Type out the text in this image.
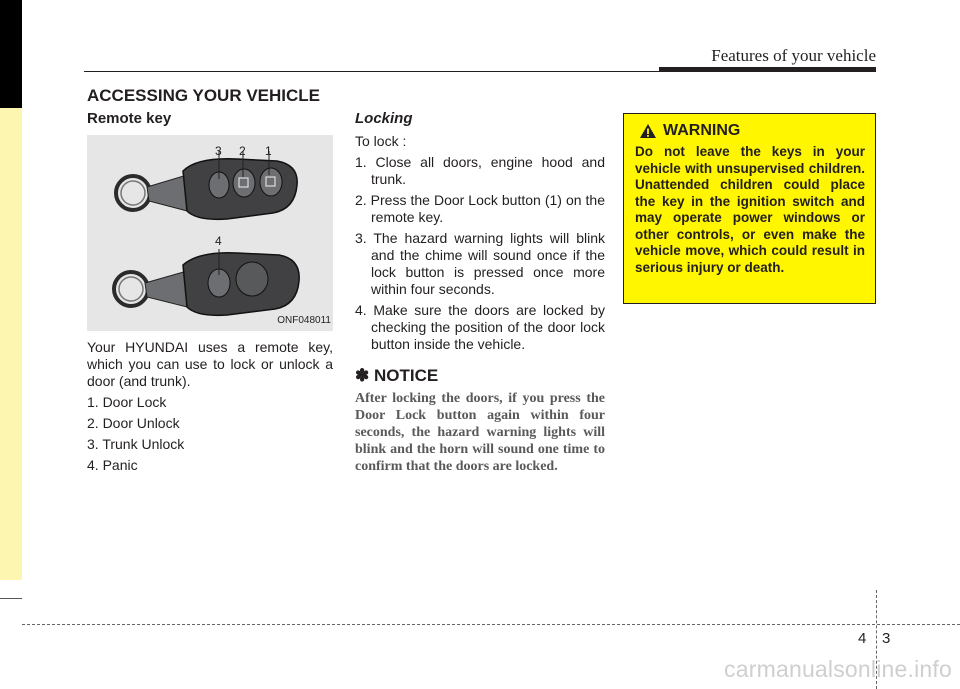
Features of your vehicle
ACCESSING YOUR VEHICLE
Remote key
3 2 1
4
ONF048011
Your HYUNDAI uses a remote key, which you can use to lock or unlock a door (and trunk).
1. Door Lock
2. Door Unlock
3. Trunk Unlock
4. Panic
Locking
To lock :
1. Close all doors, engine hood and trunk.
2. Press the Door Lock button (1) on the remote key.
3. The hazard warning lights will blink and the chime will sound once if the lock button is pressed once more within four seconds.
4. Make sure the doors are locked by checking the position of the door lock button inside the vehicle.
✽ NOTICE
After locking the doors, if you press the Door Lock button again within four seconds, the hazard warning lights will blink and the horn will sound one time to confirm that the doors are locked.
WARNING
Do not leave the keys in your vehicle with unsupervised children. Unattended children could place the key in the ignition switch and may operate power windows or other controls, or even make the vehicle move, which could result in serious injury or death.
4 3
carmanualsonline.info
